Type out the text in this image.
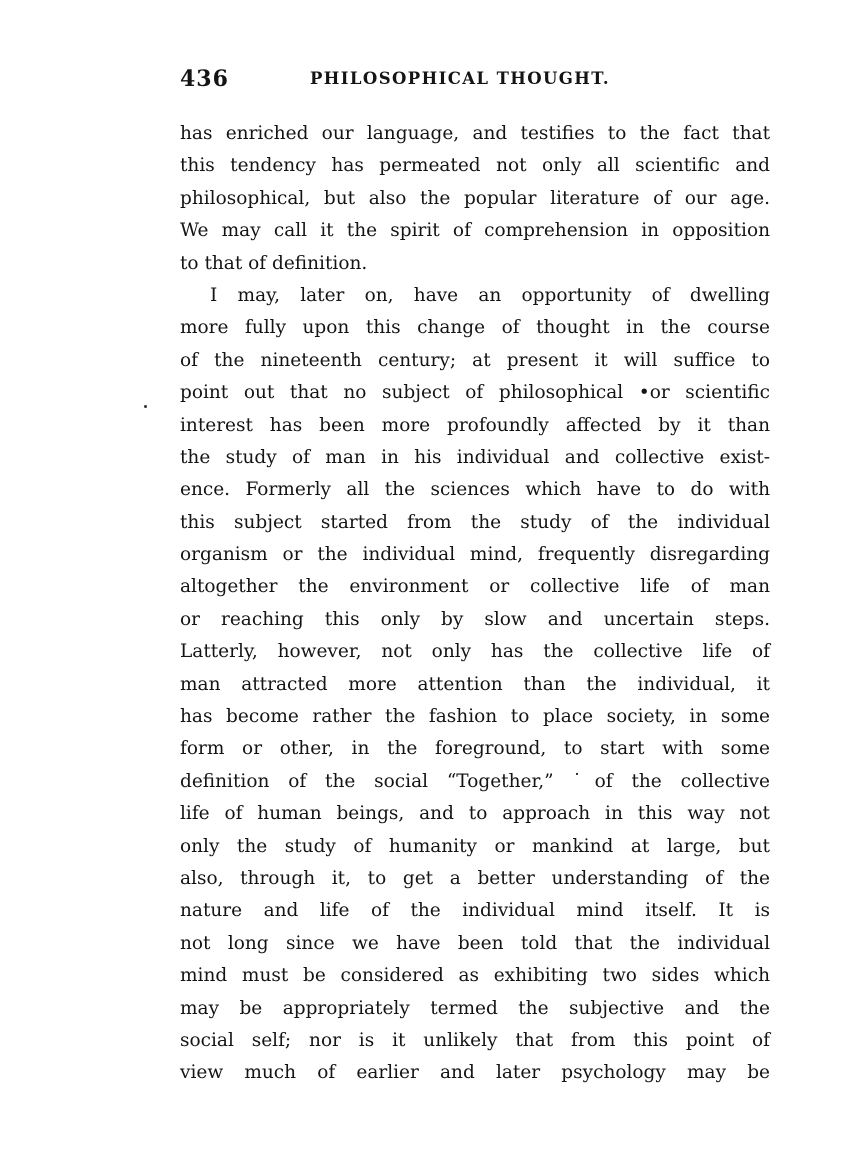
436	PHILOSOPHICAL THOUGHT.
has enriched our language, and testifies to the fact that
this tendency has permeated not only all scientific and
philosophical, but also the popular literature of our age.
We may call it the spirit of comprehension in opposition
to that of definition.
I may, later on, have an opportunity of dwelling
more fully upon this change of thought in the course
of the nineteenth century; at present it will suffice to
point out that no subject of philosophical •or scientific
interest has been more profoundly affected by it than
the study of man in his individual and collective exist-
ence. Formerly all the sciences which have to do with
this subject started from the study of the individual
organism or the individual mind, frequently disregarding
altogether the environment or collective life of man
or reaching this only by slow and uncertain steps.
Latterly, however, not only has the collective life of
man attracted more attention than the individual, it
has become rather the fashion to place society, in some
form or other, in the foreground, to start with some
definition of the social “Together,” ˙of the collective
life of human beings, and to approach in this way not
only the study of humanity or mankind at large, but
also, through it, to get a better understanding of the
nature and life of the individual mind itself. It is
not long since we have been told that the individual
mind must be considered as exhibiting two sides which
may be appropriately termed the subjective and the
social self; nor is it unlikely that from this point of
view much of earlier and later psychology may be
